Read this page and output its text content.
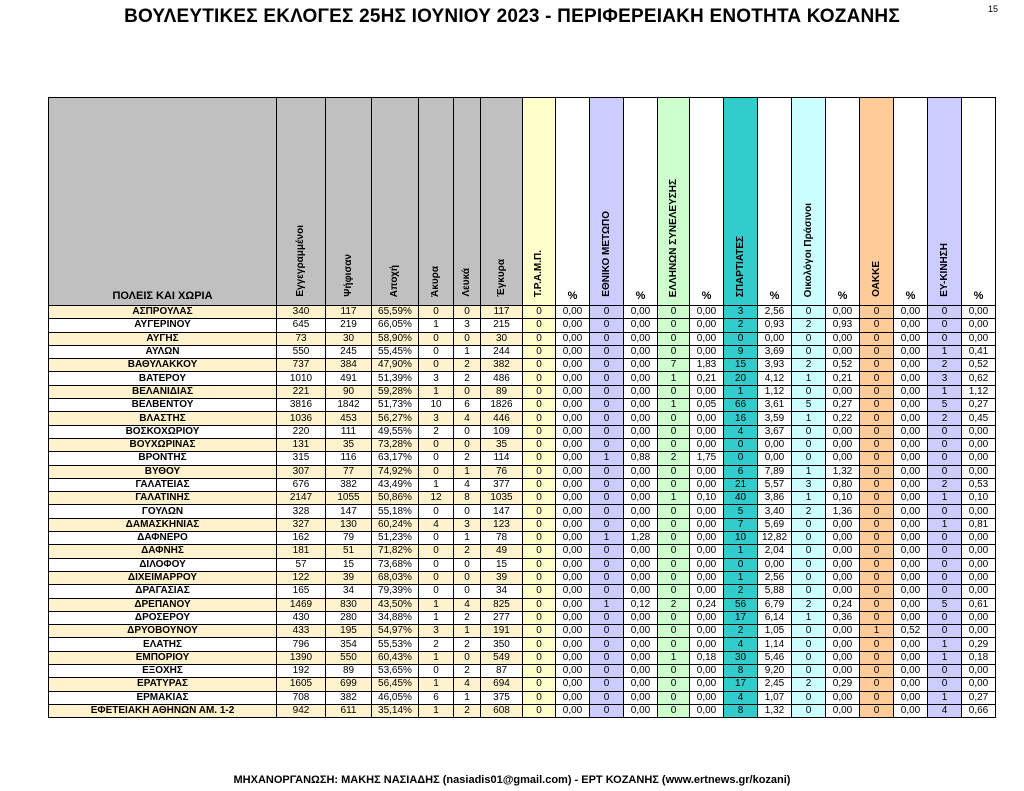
ΒΟΥΛΕΥΤΙΚΕΣ ΕΚΛΟΓΕΣ 25ΗΣ ΙΟΥΝΙΟΥ 2023 - ΠΕΡΙΦΕΡΕΙΑΚΗ ΕΝΟΤΗΤΑ ΚΟΖΑΝΗΣ	15
ΠΟΛΕΙΣ ΚΑΙ ΧΩΡΙΑ	Εγγεγραμμένοι	Ψήφισαν	Αποχή	Άκυρα	Λευκά	Έγκυρα	Τ.Ρ.Α.Μ.Π.	%	ΕΘΝΙΚΟ ΜΕΤΩΠΟ	%	ΕΛΛΗΝΩΝ ΣΥΝΕΛΕΥΣΗΣ	%	ΣΠΑΡΤΙΑΤΕΣ	%	Οικολόγοι Πράσινοι	%	ΟΑΚΚΕ	%	ΕΥ-ΚΙΝΗΣΗ	%

ΑΣΠΡΟΥΛΑΣ	340	117	65,59%	0	0	117	0	0,00	0	0,00	0	0,00	3	2,56	0	0,00	0	0,00	0	0,00
ΑΥΓΕΡΙΝΟΥ	645	219	66,05%	1	3	215	0	0,00	0	0,00	0	0,00	2	0,93	2	0,93	0	0,00	0	0,00
ΑΥΓΗΣ	73	30	58,90%	0	0	30	0	0,00	0	0,00	0	0,00	0	0,00	0	0,00	0	0,00	0	0,00
ΑΥΛΩΝ	550	245	55,45%	0	1	244	0	0,00	0	0,00	0	0,00	9	3,69	0	0,00	0	0,00	1	0,41
ΒΑΘΥΛΑΚΚΟΥ	737	384	47,90%	0	2	382	0	0,00	0	0,00	7	1,83	15	3,93	2	0,52	0	0,00	2	0,52
ΒΑΤΕΡΟΥ	1010	491	51,39%	3	2	486	0	0,00	0	0,00	1	0,21	20	4,12	1	0,21	0	0,00	3	0,62
ΒΕΛΑΝΙΔΙΑΣ	221	90	59,28%	1	0	89	0	0,00	0	0,00	0	0,00	1	1,12	0	0,00	0	0,00	1	1,12
ΒΕΛΒΕΝΤΟΥ	3816	1842	51,73%	10	6	1826	0	0,00	0	0,00	1	0,05	66	3,61	5	0,27	0	0,00	5	0,27
ΒΛΑΣΤΗΣ	1036	453	56,27%	3	4	446	0	0,00	0	0,00	0	0,00	16	3,59	1	0,22	0	0,00	2	0,45
ΒΟΣΚΟΧΩΡΙΟΥ	220	111	49,55%	2	0	109	0	0,00	0	0,00	0	0,00	4	3,67	0	0,00	0	0,00	0	0,00
ΒΟΥΧΩΡΙΝΑΣ	131	35	73,28%	0	0	35	0	0,00	0	0,00	0	0,00	0	0,00	0	0,00	0	0,00	0	0,00
ΒΡΟΝΤΗΣ	315	116	63,17%	0	2	114	0	0,00	1	0,88	2	1,75	0	0,00	0	0,00	0	0,00	0	0,00
ΒΥΘΟΥ	307	77	74,92%	0	1	76	0	0,00	0	0,00	0	0,00	6	7,89	1	1,32	0	0,00	0	0,00
ΓΑΛΑΤΕΙΑΣ	676	382	43,49%	1	4	377	0	0,00	0	0,00	0	0,00	21	5,57	3	0,80	0	0,00	2	0,53
ΓΑΛΑΤΙΝΗΣ	2147	1055	50,86%	12	8	1035	0	0,00	0	0,00	1	0,10	40	3,86	1	0,10	0	0,00	1	0,10
ΓΟΥΛΩΝ	328	147	55,18%	0	0	147	0	0,00	0	0,00	0	0,00	5	3,40	2	1,36	0	0,00	0	0,00
ΔΑΜΑΣΚΗΝΙΑΣ	327	130	60,24%	4	3	123	0	0,00	0	0,00	0	0,00	7	5,69	0	0,00	0	0,00	1	0,81
ΔΑΦΝΕΡΟ	162	79	51,23%	0	1	78	0	0,00	1	1,28	0	0,00	10	12,82	0	0,00	0	0,00	0	0,00
ΔΑΦΝΗΣ	181	51	71,82%	0	2	49	0	0,00	0	0,00	0	0,00	1	2,04	0	0,00	0	0,00	0	0,00
ΔΙΛΟΦΟΥ	57	15	73,68%	0	0	15	0	0,00	0	0,00	0	0,00	0	0,00	0	0,00	0	0,00	0	0,00
ΔΙΧΕΙΜΑΡΡΟΥ	122	39	68,03%	0	0	39	0	0,00	0	0,00	0	0,00	1	2,56	0	0,00	0	0,00	0	0,00
ΔΡΑΓΑΣΙΑΣ	165	34	79,39%	0	0	34	0	0,00	0	0,00	0	0,00	2	5,88	0	0,00	0	0,00	0	0,00
ΔΡΕΠΑΝΟΥ	1469	830	43,50%	1	4	825	0	0,00	1	0,12	2	0,24	56	6,79	2	0,24	0	0,00	5	0,61
ΔΡΟΣΕΡΟΥ	430	280	34,88%	1	2	277	0	0,00	0	0,00	0	0,00	17	6,14	1	0,36	0	0,00	0	0,00
ΔΡΥΟΒΟΥΝΟΥ	433	195	54,97%	3	1	191	0	0,00	0	0,00	0	0,00	2	1,05	0	0,00	1	0,52	0	0,00
ΕΛΑΤΗΣ	796	354	55,53%	2	2	350	0	0,00	0	0,00	0	0,00	4	1,14	0	0,00	0	0,00	1	0,29
ΕΜΠΟΡΙΟΥ	1390	550	60,43%	1	0	549	0	0,00	0	0,00	1	0,18	30	5,46	0	0,00	0	0,00	1	0,18
ΕΞΟΧΗΣ	192	89	53,65%	0	2	87	0	0,00	0	0,00	0	0,00	8	9,20	0	0,00	0	0,00	0	0,00
ΕΡΑΤΥΡΑΣ	1605	699	56,45%	1	4	694	0	0,00	0	0,00	0	0,00	17	2,45	2	0,29	0	0,00	0	0,00
ΕΡΜΑΚΙΑΣ	708	382	46,05%	6	1	375	0	0,00	0	0,00	0	0,00	4	1,07	0	0,00	0	0,00	1	0,27
ΕΦΕΤΕΙΑΚΗ ΑΘΗΝΩΝ ΑΜ. 1-2	942	611	35,14%	1	2	608	0	0,00	0	0,00	0	0,00	8	1,32	0	0,00	0	0,00	4	0,66
ΜΗΧΑΝΟΡΓΑΝΩΣΗ: ΜΑΚΗΣ ΝΑΣΙΑΔΗΣ (nasiadis01@gmail.com) - ΕΡΤ ΚΟΖΑΝΗΣ (www.ertnews.gr/kozani)
